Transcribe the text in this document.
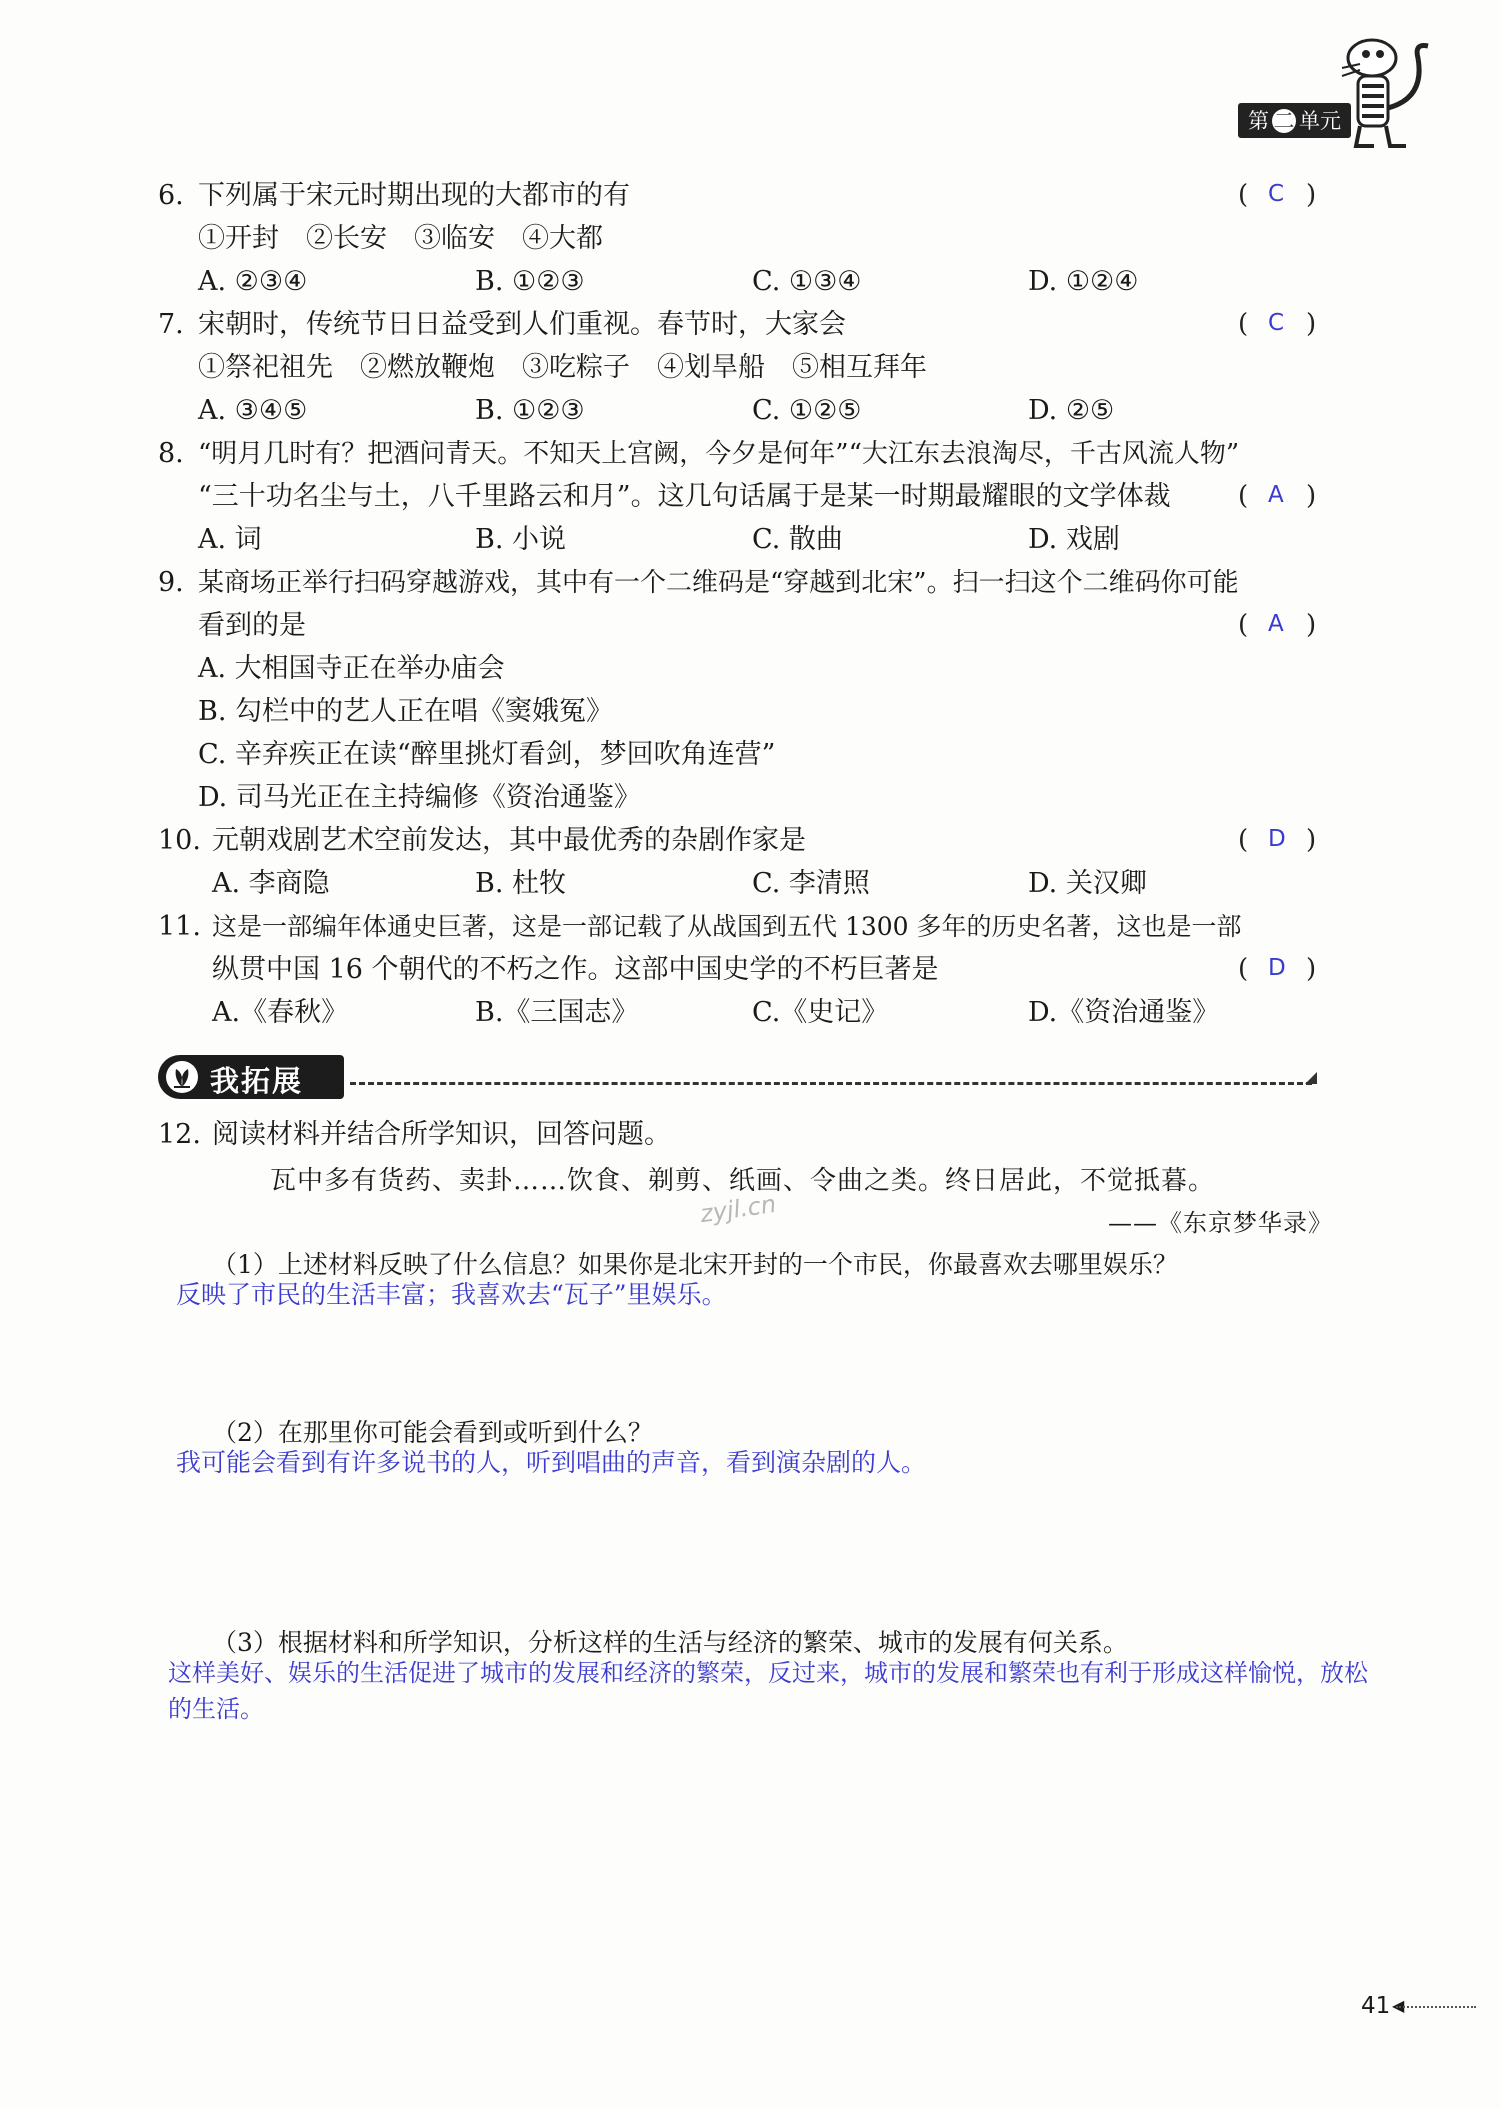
第 二 单元
6. 下列属于宋元时期出现的大都市的有	( C )
①开封　②长安　③临安　④大都
A. ②③④	B. ①②③	C. ①③④	D. ①②④
7. 宋朝时，传统节日日益受到人们重视。春节时，大家会	( C )
①祭祀祖先　②燃放鞭炮　③吃粽子　④划旱船　⑤相互拜年
A. ③④⑤	B. ①②③	C. ①②⑤	D. ②⑤
8. “明月几时有？把酒问青天。不知天上宫阙，今夕是何年”“大江东去浪淘尽，千古风流人物”
“三十功名尘与土，八千里路云和月”。这几句话属于是某一时期最耀眼的文学体裁	( A )
A. 词	B. 小说	C. 散曲	D. 戏剧
9. 某商场正举行扫码穿越游戏，其中有一个二维码是“穿越到北宋”。扫一扫这个二维码你可能
看到的是	( A )
A. 大相国寺正在举办庙会
B. 勾栏中的艺人正在唱《窦娥冤》
C. 辛弃疾正在读“醉里挑灯看剑，梦回吹角连营”
D. 司马光正在主持编修《资治通鉴》
10. 元朝戏剧艺术空前发达，其中最优秀的杂剧作家是	( D )
A. 李商隐	B. 杜牧	C. 李清照	D. 关汉卿
11. 这是一部编年体通史巨著，这是一部记载了从战国到五代 1300 多年的历史名著，这也是一部
纵贯中国 16 个朝代的不朽之作。这部中国史学的不朽巨著是	( D )
A.《春秋》	B.《三国志》	C.《史记》	D.《资治通鉴》
我拓展
12. 阅读材料并结合所学知识，回答问题。
瓦中多有货药、卖卦……饮食、剃剪、纸画、令曲之类。终日居此，不觉抵暮。
——《东京梦华录》
zyjl.cn
（1）上述材料反映了什么信息？如果你是北宋开封的一个市民，你最喜欢去哪里娱乐？
反映了市民的生活丰富；我喜欢去“瓦子”里娱乐。
（2）在那里你可能会看到或听到什么？
我可能会看到有许多说书的人，听到唱曲的声音，看到演杂剧的人。
（3）根据材料和所学知识，分析这样的生活与经济的繁荣、城市的发展有何关系。
这样美好、娱乐的生活促进了城市的发展和经济的繁荣，反过来，城市的发展和繁荣也有利于形成这样愉悦，放松
的生活。
41 ◀
